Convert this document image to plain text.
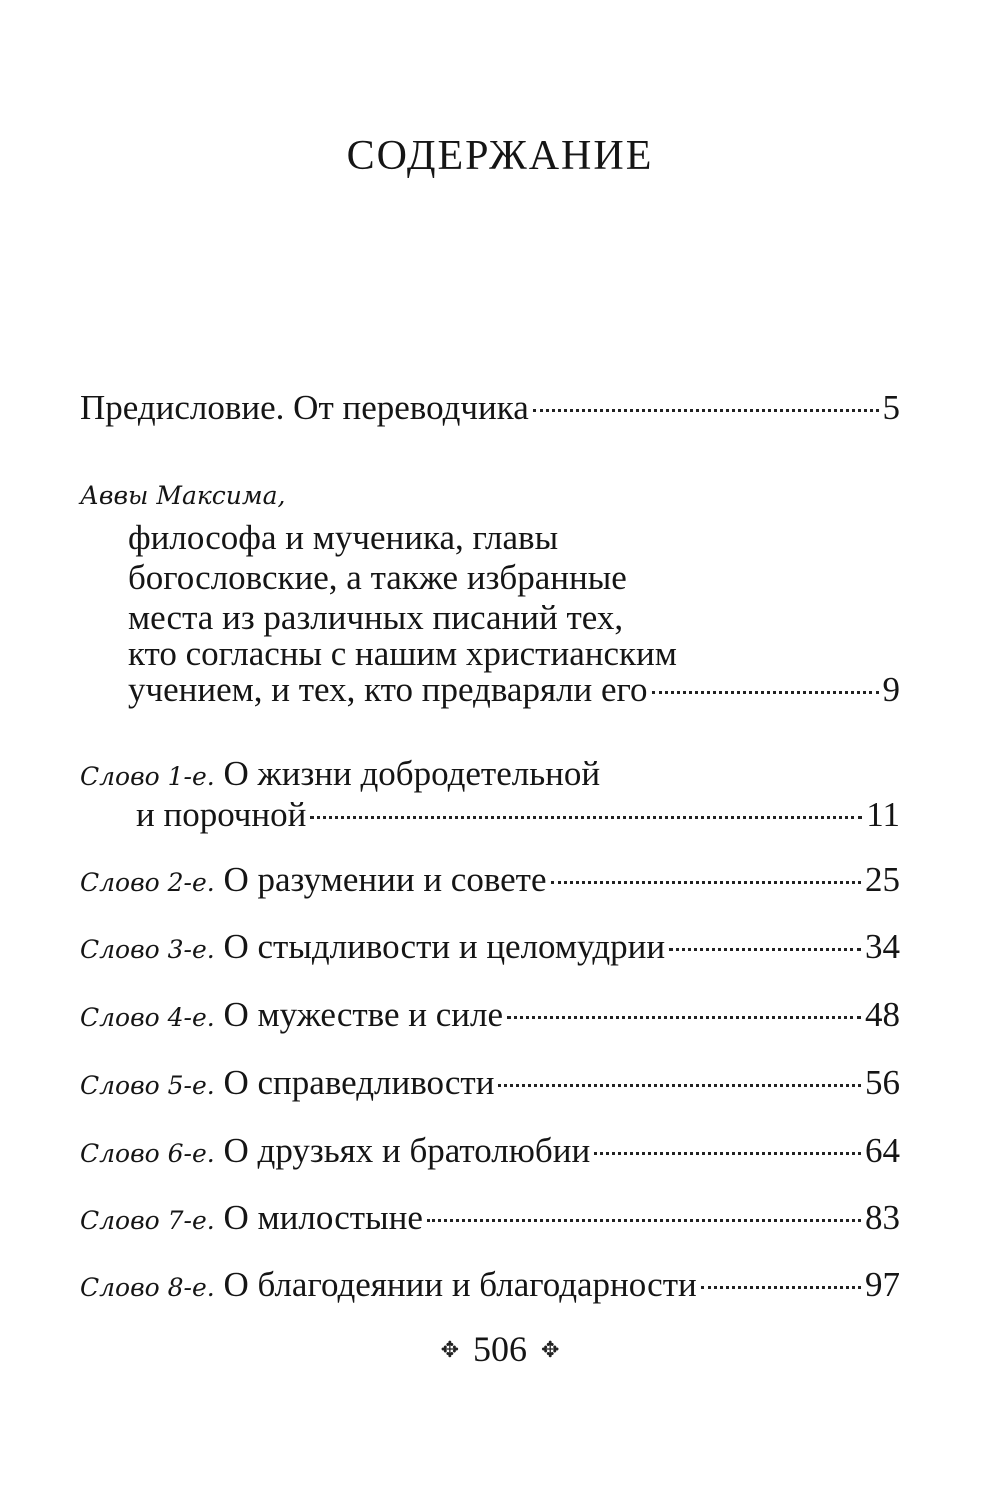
СОДЕРЖАНИЕ
Предисловие. От переводчика	5
Аввы Максима,
философа и мученика, главы
богословские, а также избранные
места из различных писаний тех,
кто согласны с нашим христианским
учением, и тех, кто предваряли его	9
Слово 1-е. О жизни добродетельной
и порочной	11
Слово 2-е. О разумении и совете	25
Слово 3-е. О стыдливости и целомудрии	34
Слово 4-е. О мужестве и силе	48
Слово 5-е. О справедливости	56
Слово 6-е. О друзьях и братолюбии	64
Слово 7-е. О милостыне	83
Слово 8-е. О благодеянии и благодарности	97
✥ 506 ✥
